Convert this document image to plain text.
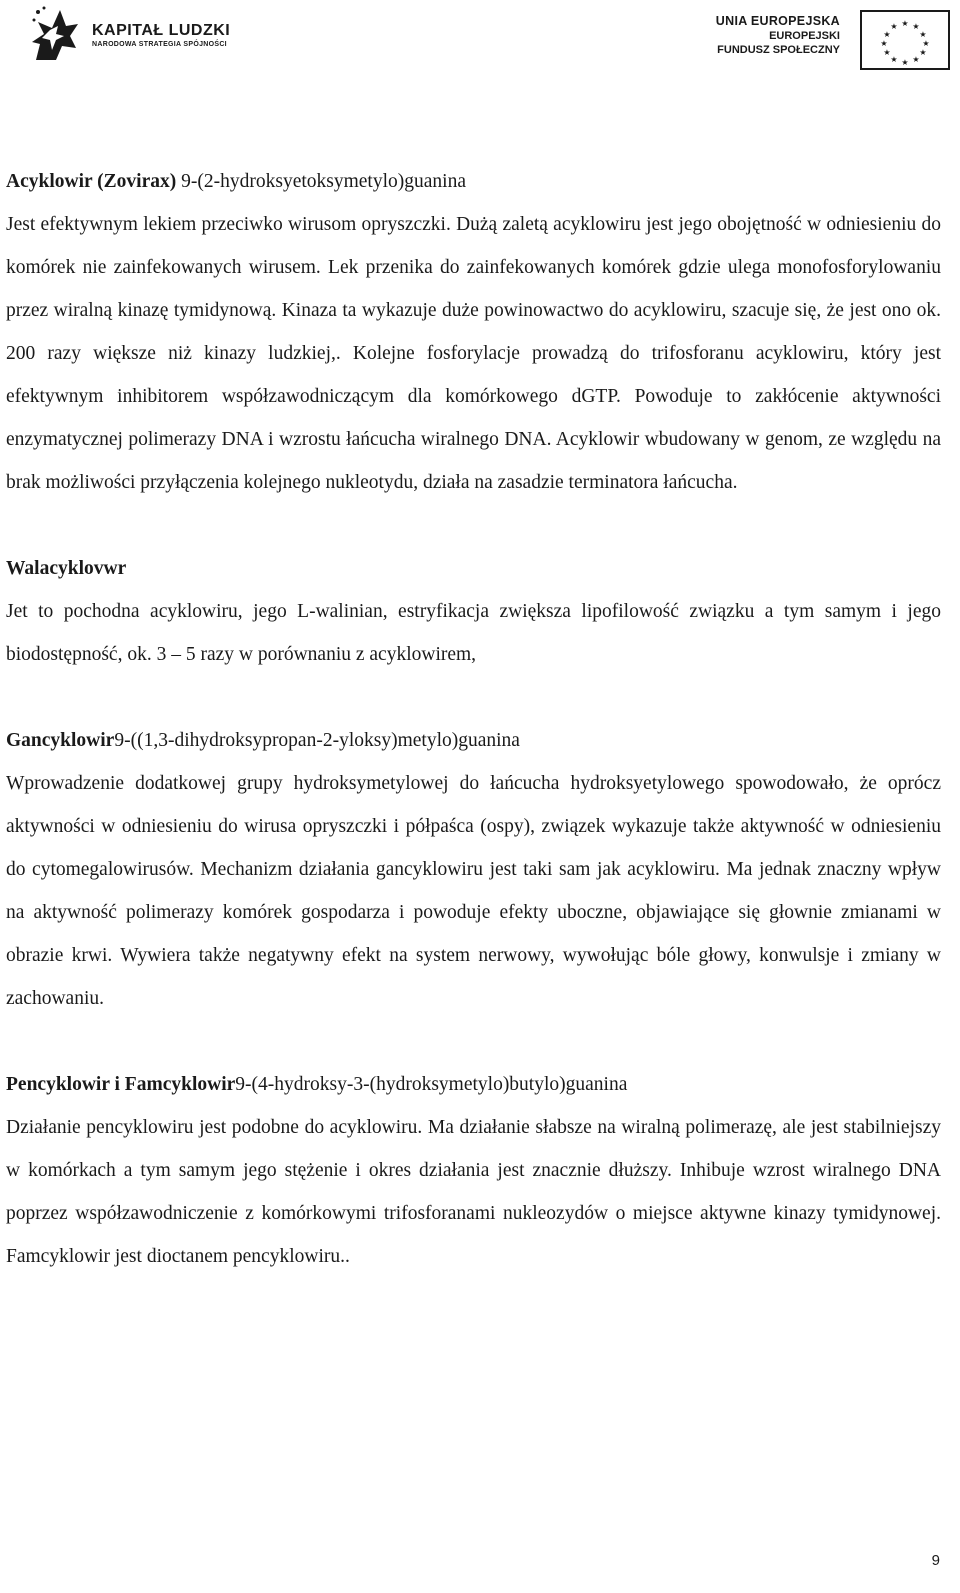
KAPITAŁ LUDZKI
NARODOWA STRATEGIA SPÓJNOŚCI
UNIA EUROPEJSKA
EUROPEJSKI
FUNDUSZ SPOŁECZNY
★ ★
★
★
★
★
★
★
★
★
★
★
Acyklowir (Zovirax) 9-(2-hydroksyetoksymetylo)guanina

Jest efektywnym lekiem przeciwko wirusom opryszczki. Dużą zaletą acyklowiru jest jego obojętność w odniesieniu do komórek nie zainfekowanych wirusem. Lek przenika do zainfekowanych komórek gdzie ulega monofosforylowaniu przez wiralną kinazę tymidynową. Kinaza ta wykazuje duże powinowactwo do acyklowiru, szacuje się, że jest ono ok. 200 razy większe niż kinazy ludzkiej,. Kolejne fosforylacje prowadzą do trifosforanu acyklowiru, który jest efektywnym inhibitorem współzawodniczącym dla komórkowego dGTP. Powoduje to zakłócenie aktywności enzymatycznej polimerazy DNA i wzrostu łańcucha wiralnego DNA. Acyklowir wbudowany w genom, ze względu na brak możliwości przyłączenia kolejnego nukleotydu, działa na zasadzie terminatora łańcucha.

Walacyklovwr

Jet to pochodna acyklowiru, jego L-walinian, estryfikacja zwiększa lipofilowość związku a tym samym i jego biodostępność, ok. 3 – 5 razy w porównaniu z acyklowirem,

Gancyklowir9-((1,3-dihydroksypropan-2-yloksy)metylo)guanina

Wprowadzenie dodatkowej grupy hydroksymetylowej do łańcucha hydroksyetylowego spowodowało, że oprócz aktywności w odniesieniu do wirusa opryszczki i półpaśca (ospy), związek wykazuje także aktywność w odniesieniu do cytomegalowirusów. Mechanizm działania gancyklowiru jest taki sam jak acyklowiru. Ma jednak znaczny wpływ na aktywność polimerazy komórek gospodarza i powoduje efekty uboczne, objawiające się głownie zmianami w obrazie krwi. Wywiera także negatywny efekt na system nerwowy, wywołując bóle głowy, konwulsje i zmiany w zachowaniu.

Pencyklowir i Famcyklowir9-(4-hydroksy-3-(hydroksymetylo)butylo)guanina

Działanie pencyklowiru jest podobne do acyklowiru. Ma działanie słabsze na wiralną polimerazę, ale jest stabilniejszy w komórkach a tym samym jego stężenie i okres działania jest znacznie dłuższy. Inhibuje wzrost wiralnego DNA poprzez współzawodniczenie z komórkowymi trifosforanami nukleozydów o miejsce aktywne kinazy tymidynowej. Famcyklowir jest dioctanem pencyklowiru..

9
